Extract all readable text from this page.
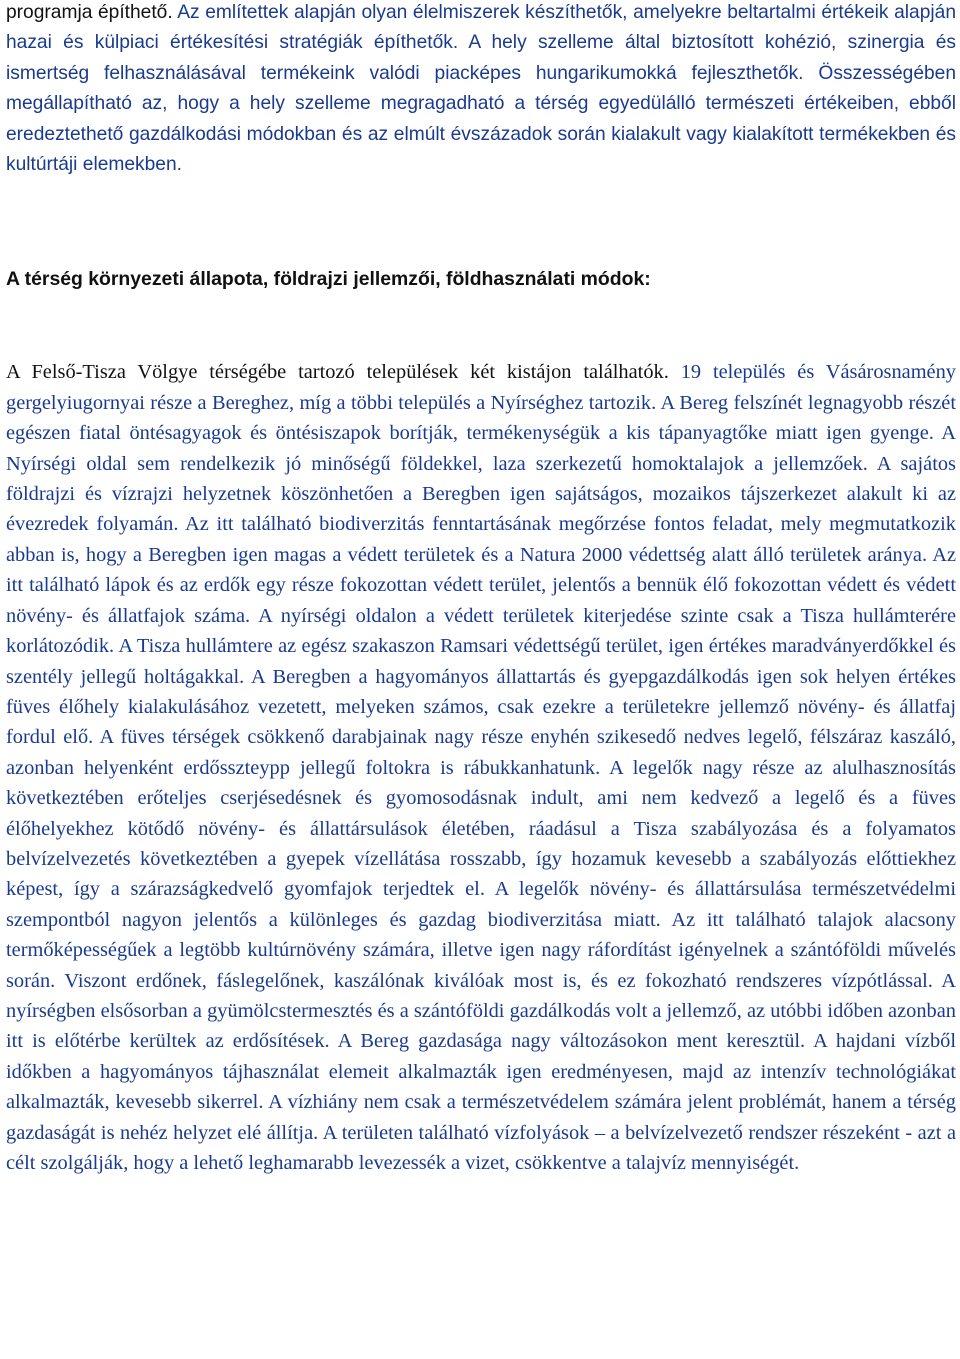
programja építhető. Az említettek alapján olyan élelmiszerek készíthetők, amelyekre beltartalmi értékeik alapján hazai és külpiaci értékesítési stratégiák építhetők. A hely szelleme által biztosított kohézió, szinergia és ismertség felhasználásával termékeink valódi piacképes hungarikumokká fejleszthetők. Összességében megállapítható az, hogy a hely szelleme megragadható a térség egyedülálló természeti értékeiben, ebből eredeztethető gazdálkodási módokban és az elmúlt évszázadok során kialakult vagy kialakított termékekben és kultúrtáji elemekben.

A térség környezeti állapota, földrajzi jellemzői, földhasználati módok:

A Felső-Tisza Völgye térségébe tartozó települések két kistájon találhatók. 19 település és Vásárosnamény gergelyiugornyai része a Bereghez, míg a többi település a Nyírséghez tartozik. A Bereg felszínét legnagyobb részét egészen fiatal öntésagyagok és öntésiszapok borítják, termékenységük a kis tápanyagtőke miatt igen gyenge. A Nyírségi oldal sem rendelkezik jó minőségű földekkel, laza szerkezetű homoktalajok a jellemzőek. A sajátos földrajzi és vízrajzi helyzetnek köszönhetően a Beregben igen sajátságos, mozaikos tájszerkezet alakult ki az évezredek folyamán. Az itt található biodiverzitás fenntartásának megőrzése fontos feladat, mely megmutatkozik abban is, hogy a Beregben igen magas a védett területek és a Natura 2000 védettség alatt álló területek aránya. Az itt található lápok és az erdők egy része fokozottan védett terület, jelentős a bennük élő fokozottan védett és védett növény- és állatfajok száma. A nyírségi oldalon a védett területek kiterjedése szinte csak a Tisza hullámterére korlátozódik. A Tisza hullámtere az egész szakaszon Ramsari védettségű terület, igen értékes maradványerdőkkel és szentély jellegű holtágakkal. A Beregben a hagyományos állattartás és gyepgazdálkodás igen sok helyen értékes füves élőhely kialakulásához vezetett, melyeken számos, csak ezekre a területekre jellemző növény- és állatfaj fordul elő. A füves térségek csökkenő darabjainak nagy része enyhén szikesedő nedves legelő, félszáraz kaszáló, azonban helyenként erdősszteypp jellegű foltokra is rábukkanhatunk. A legelők nagy része az alulhasznosítás következtében erőteljes cserjésedésnek és gyomosodásnak indult, ami nem kedvező a legelő és a füves élőhelyekhez kötődő növény- és állattársulások életében, ráadásul a Tisza szabályozása és a folyamatos belvízelvezetés következtében a gyepek vízellátása rosszabb, így hozamuk kevesebb a szabályozás előttiekhez képest, így a szárazságkedvelő gyomfajok terjedtek el. A legelők növény- és állattársulása természetvédelmi szempontból nagyon jelentős a különleges és gazdag biodiverzitása miatt. Az itt található talajok alacsony termőképességűek a legtöbb kultúrnövény számára, illetve igen nagy ráfordítást igényelnek a szántóföldi művelés során. Viszont erdőnek, fáslegelőnek, kaszálónak kiválóak most is, és ez fokozható rendszeres vízpótlással. A nyírségben elsősorban a gyümölcstermesztés és a szántóföldi gazdálkodás volt a jellemző, az utóbbi időben azonban itt is előtérbe kerültek az erdősítések. A Bereg gazdasága nagy változásokon ment keresztül. A hajdani vízből időkben a hagyományos tájhasználat elemeit alkalmazták igen eredményesen, majd az intenzív technológiákat alkalmazták, kevesebb sikerrel. A vízhiány nem csak a természetvédelem számára jelent problémát, hanem a térség gazdaságát is nehéz helyzet elé állítja. A területen található vízfolyások – a belvízelvezető rendszer részeként - azt a célt szolgálják, hogy a lehető leghamarabb levezessék a vizet, csökkentve a talajvíz mennyiségét.
